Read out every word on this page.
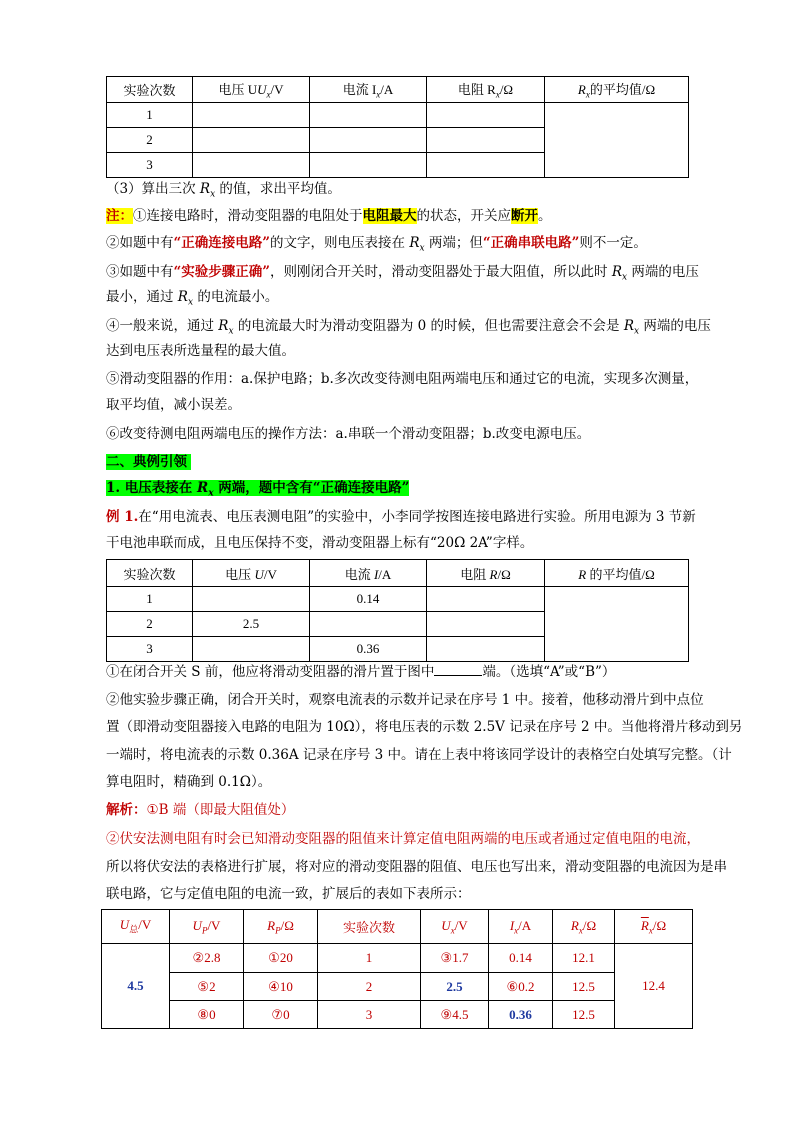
实验次数	电压 $UU_x/V$	电流 $I_x/A$	电阻 $R_x/\Omega$	$R_x$的平均值/Ω
1				
2				
3				
（3）算出三次 $R_x$ 的值，求出平均值。
注：①连接电路时，滑动变阻器的电阻处于电阻最大的状态，开关应断开。
②如题中有“正确连接电路”的文字，则电压表接在 $R_x$ 两端；但“正确串联电路”则不一定。
③如题中有“实验步骤正确”，则刚闭合开关时，滑动变阻器处于最大阻值，所以此时 $R_x$ 两端的电压
最小，通过 $R_x$ 的电流最小。
④一般来说，通过 $R_x$ 的电流最大时为滑动变阻器为 0 的时候，但也需要注意会不会是 $R_x$ 两端的电压
达到电压表所选量程的最大值。
⑤滑动变阻器的作用：a.保护电路；b.多次改变待测电阻两端电压和通过它的电流，实现多次测量，
取平均值，减小误差。
⑥改变待测电阻两端电压的操作方法：a.串联一个滑动变阻器；b.改变电源电压。
二、典例引领
1. 电压表接在 $R_x$ 两端，题中含有“正确连接电路”
例 1.在“用电流表、电压表测电阻”的实验中，小李同学按图连接电路进行实验。所用电源为 3 节新
干电池串联而成，且电压保持不变，滑动变阻器上标有“20Ω 2A”字样。
实验次数	电压 U/V	电流 I/A	电阻 R/Ω	R 的平均值/Ω
1		0.14		
2	2.5			
3		0.36		
①在闭合开关 S 前，他应将滑动变阻器的滑片置于图中	端。（选填“A”或“B”）
②他实验步骤正确，闭合开关时，观察电流表的示数并记录在序号 1 中。接着，他移动滑片到中点位
置（即滑动变阻器接入电路的电阻为 10Ω），将电压表的示数 2.5V 记录在序号 2 中。当他将滑片移动到另
一端时，将电流表的示数 0.36A 记录在序号 3 中。请在上表中将该同学设计的表格空白处填写完整。（计
算电阻时，精确到 0.1Ω）。
解析：①B 端（即最大阻值处）
②伏安法测电阻有时会已知滑动变阻器的阻值来计算定值电阻两端的电压或者通过定值电阻的电流，
所以将伏安法的表格进行扩展，将对应的滑动变阻器的阻值、电压也写出来，滑动变阻器的电流因为是串
联电路，它与定值电阻的电流一致，扩展后的表如下表所示：
$U_总/V$	$U_P/V$	$R_P/\Omega$	实验次数	$U_x/V$	$I_x/A$	$R_x/\Omega$	$\overline{R}_x/\Omega$
4.5	②2.8	①20	1	③1.7	0.14	12.1	12.4
	⑤2	④10	2	2.5	⑥0.2	12.5	
	⑧0	⑦0	3	⑨4.5	0.36	12.5	
